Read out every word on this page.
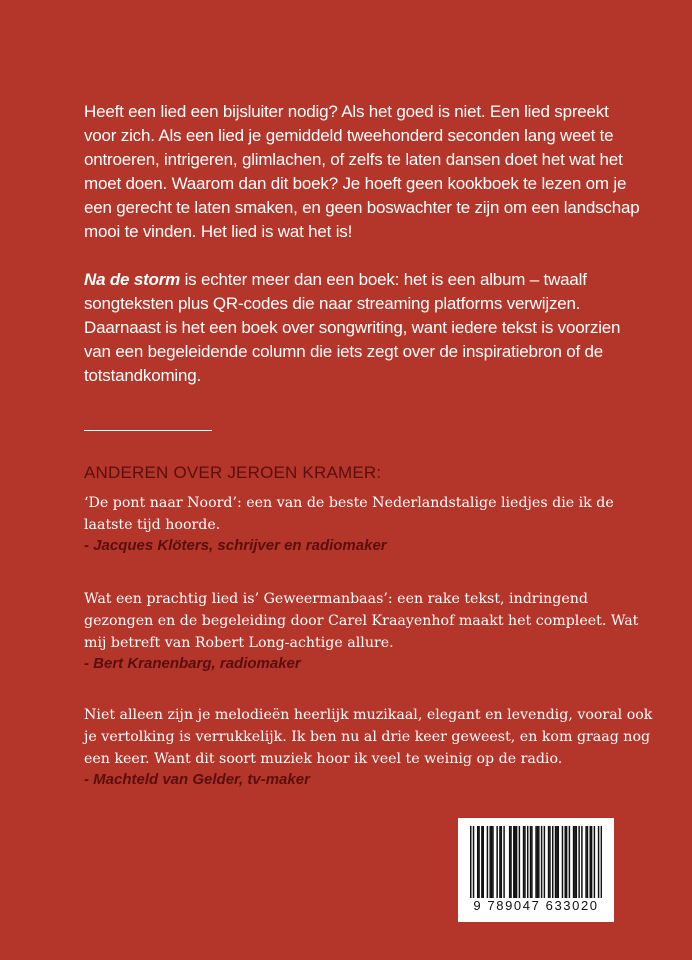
Heeft een lied een bijsluiter nodig? Als het goed is niet. Een lied spreekt voor zich. Als een lied je gemiddeld tweehonderd seconden lang weet te ontroeren, intrigeren, glimlachen, of zelfs te laten dansen doet het wat het moet doen. Waarom dan dit boek? Je hoeft geen kookboek te lezen om je een gerecht te laten smaken, en geen boswachter te zijn om een landschap mooi te vinden. Het lied is wat het is!

Na de storm is echter meer dan een boek: het is een album – twaalf songteksten plus QR-codes die naar streaming platforms verwijzen. Daarnaast is het een boek over songwriting, want iedere tekst is voorzien van een begeleidende column die iets zegt over de inspiratiebron of de totstandkoming.

ANDEREN OVER JEROEN KRAMER:

‘De pont naar Noord’: een van de beste Nederlandstalige liedjes die ik de laatste tijd hoorde.

- Jacques Klöters, schrijver en radiomaker

Wat een prachtig lied is’ Geweermanbaas’: een rake tekst, indringend gezongen en de begeleiding door Carel Kraayenhof maakt het compleet. Wat mij betreft van Robert Long-achtige allure.

- Bert Kranenbarg, radiomaker

Niet alleen zijn je melodieën heerlijk muzikaal, elegant en levendig, vooral ook je vertolking is verrukkelijk. Ik ben nu al drie keer geweest, en kom graag nog een keer. Want dit soort muziek hoor ik veel te weinig op de radio.

- Machteld van Gelder, tv-maker

9 789047 633020
